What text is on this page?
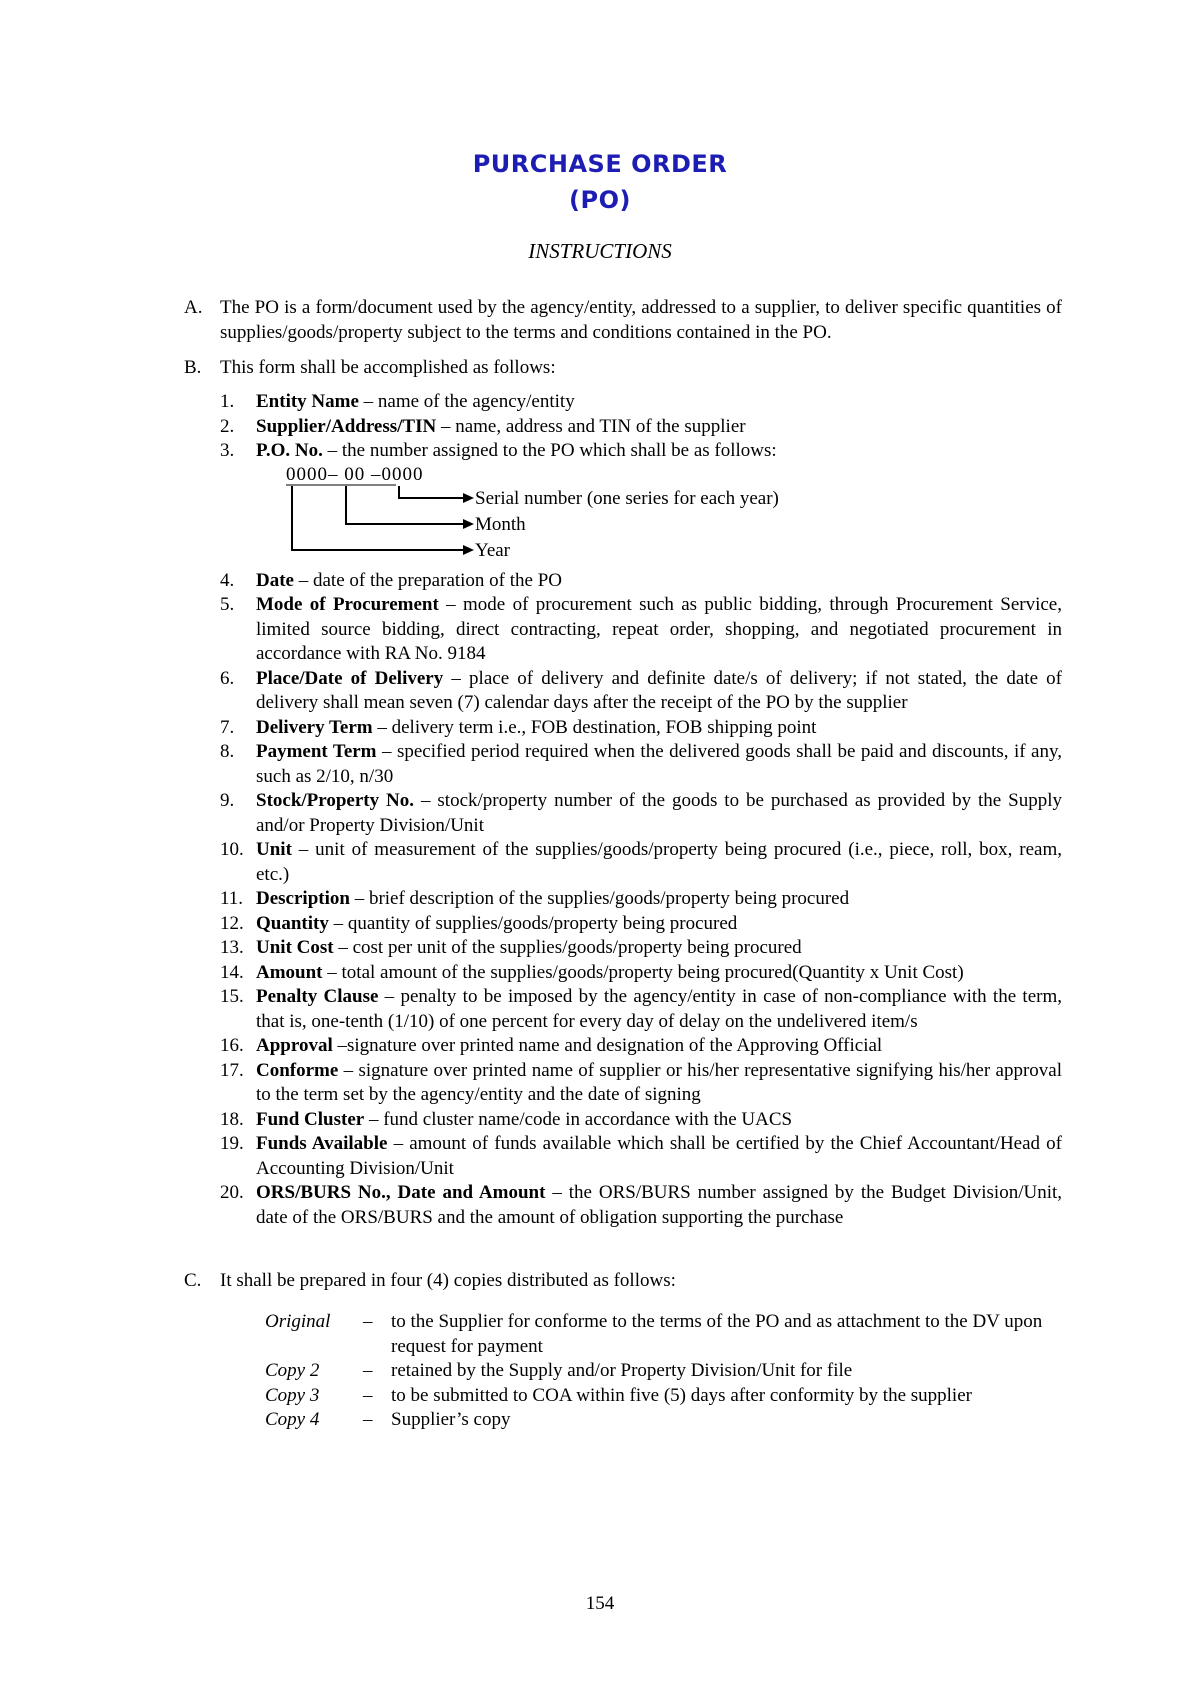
PURCHASE ORDER
(PO)
INSTRUCTIONS
A. The PO is a form/document used by the agency/entity, addressed to a supplier, to deliver specific quantities of supplies/goods/property subject to the terms and conditions contained in the PO.
B. This form shall be accomplished as follows:
1. Entity Name – name of the agency/entity
2. Supplier/Address/TIN – name, address and TIN of the supplier
3. P.O. No. – the number assigned to the PO which shall be as follows:
0000– 00 –0000
Serial number (one series for each year)
Month
Year
4. Date – date of the preparation of the PO
5. Mode of Procurement – mode of procurement such as public bidding, through Procurement Service, limited source bidding, direct contracting, repeat order, shopping, and negotiated procurement in accordance with RA No. 9184
6. Place/Date of Delivery – place of delivery and definite date/s of delivery; if not stated, the date of delivery shall mean seven (7) calendar days after the receipt of the PO by the supplier
7. Delivery Term – delivery term i.e., FOB destination, FOB shipping point
8. Payment Term – specified period required when the delivered goods shall be paid and discounts, if any, such as 2/10, n/30
9. Stock/Property No. – stock/property number of the goods to be purchased as provided by the Supply and/or Property Division/Unit
10. Unit – unit of measurement of the supplies/goods/property being procured (i.e., piece, roll, box, ream, etc.)
11. Description – brief description of the supplies/goods/property being procured
12. Quantity – quantity of supplies/goods/property being procured
13. Unit Cost – cost per unit of the supplies/goods/property being procured
14. Amount – total amount of the supplies/goods/property being procured(Quantity x Unit Cost)
15. Penalty Clause – penalty to be imposed by the agency/entity in case of non-compliance with the term, that is, one-tenth (1/10) of one percent for every day of delay on the undelivered item/s
16. Approval –signature over printed name and designation of the Approving Official
17. Conforme – signature over printed name of supplier or his/her representative signifying his/her approval to the term set by the agency/entity and the date of signing
18. Fund Cluster – fund cluster name/code in accordance with the UACS
19. Funds Available – amount of funds available which shall be certified by the Chief Accountant/Head of Accounting Division/Unit
20. ORS/BURS No., Date and Amount – the ORS/BURS number assigned by the Budget Division/Unit, date of the ORS/BURS and the amount of obligation supporting the purchase
C. It shall be prepared in four (4) copies distributed as follows:
Original – to the Supplier for conforme to the terms of the PO and as attachment to the DV upon request for payment
Copy 2 – retained by the Supply and/or Property Division/Unit for file
Copy 3 – to be submitted to COA within five (5) days after conformity by the supplier
Copy 4 – Supplier’s copy
154
